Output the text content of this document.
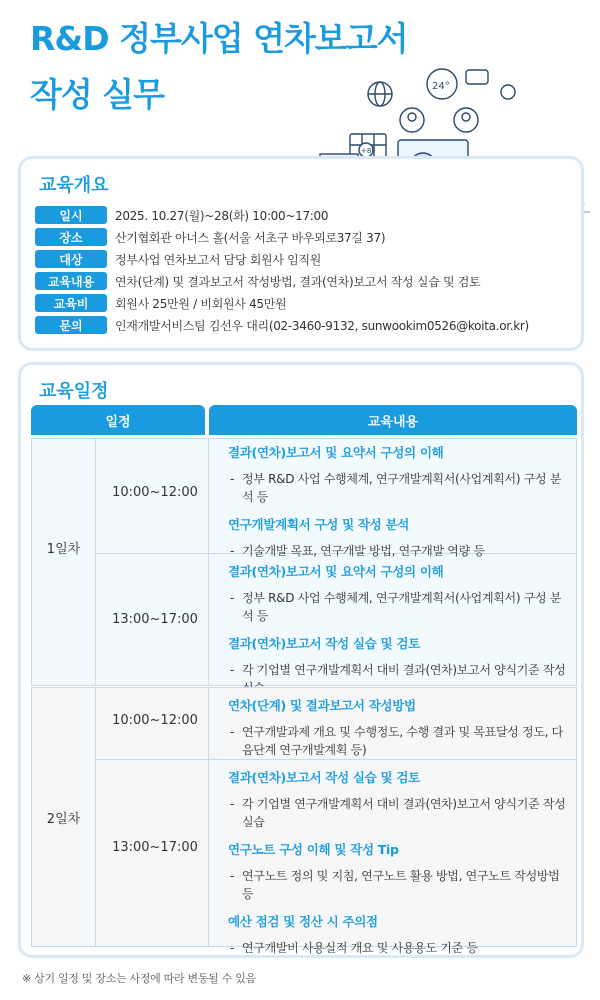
R&D 정부사업 연차보고서
작성 실무	24°
+8
교육개요
일시	2025. 10.27(월)~28(화) 10:00~17:00
장소	산기협회관 아너스 홀(서울 서초구 바우뫼로37길 37)
대상	정부사업 연차보고서 담당 회원사 임직원
교육내용	연차(단계) 및 결과보고서 작성방법, 결과(연차)보고서 작성 실습 및 검토
교육비	회원사 25만원 / 비회원사 45만원
문의	인재개발서비스팀 김선우 대리(02-3460-9132, sunwookim0526@koita.or.kr)
교육일정
일정	교육내용
1일차
10:00~12:00
결과(연차)보고서 및 요약서 구성의 이해
- 정부 R&D 사업 수행체계, 연구개발계획서(사업계획서) 구성 분석 등
연구개발계획서 구성 및 작성 분석
- 기술개발 목표, 연구개발 방법, 연구개발 역량 등
13:00~17:00
결과(연차)보고서 및 요약서 구성의 이해
- 정부 R&D 사업 수행체계, 연구개발계획서(사업계획서) 구성 분석 등
결과(연차)보고서 작성 실습 및 검토
- 각 기업별 연구개발계획서 대비 결과(연차)보고서 양식기준 작성
2일차
10:00~12:00
연차(단계) 및 결과보고서 작성방법
- 연구개발과제 개요 및 수행정도, 수행 결과 및 목표달성 정도, 다음단계 연구개발계획 등)
13:00~17:00
결과(연차)보고서 작성 실습 및 검토
- 각 기업별 연구개발계획서 대비 결과(연차)보고서 양식기준 작성 실습
연구노트 구성 이해 및 작성 Tip
- 연구노트 정의 및 지침, 연구노트 활용 방법, 연구노트 작성방법 등
예산 점검 및 정산 시 주의점
- 연구개발비 사용실적 개요 및 사용용도 기준 등
※ 상기 일정 및 장소는 사정에 따라 변동될 수 있음
